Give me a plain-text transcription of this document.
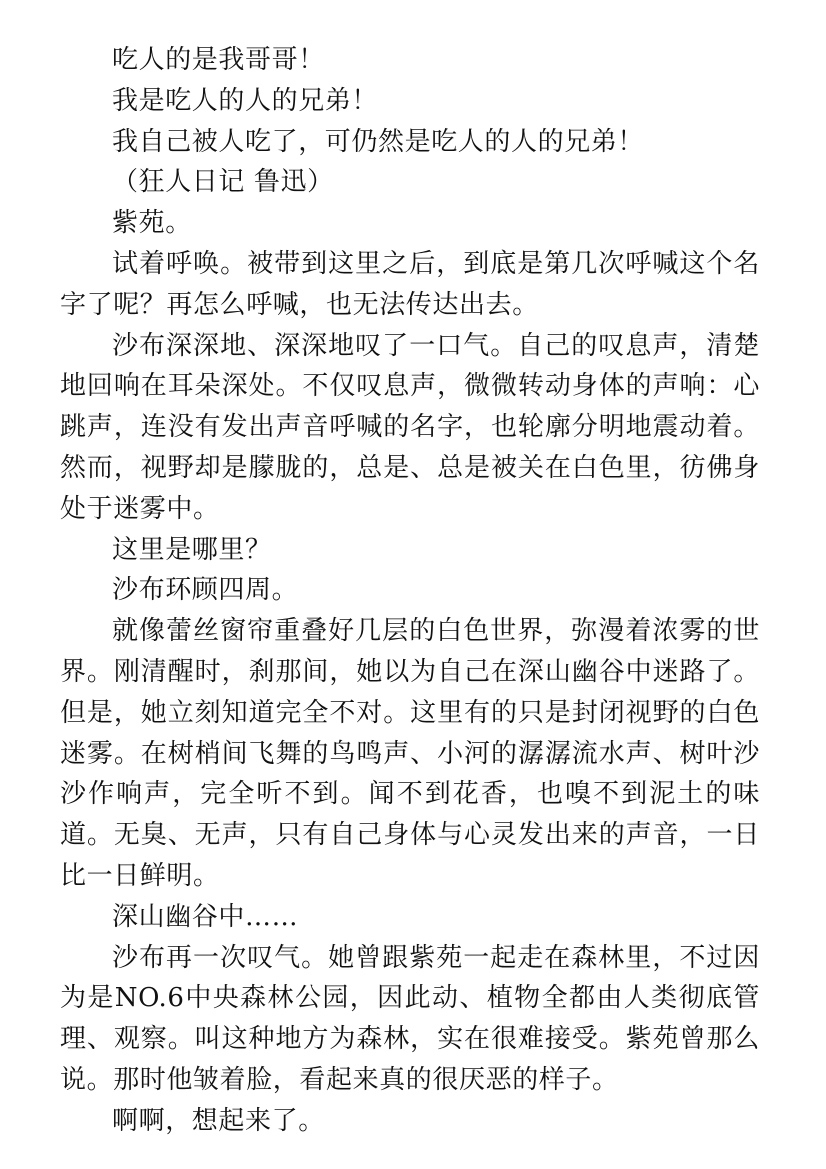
吃人的是我哥哥！

我是吃人的人的兄弟！

我自己被人吃了，可仍然是吃人的人的兄弟！

（狂人日记 鲁迅）

紫苑。

试着呼唤。被带到这里之后，到底是第几次呼喊这个名字了呢？再怎么呼喊，也无法传达出去。

沙布深深地、深深地叹了一口气。自己的叹息声，清楚地回响在耳朵深处。不仅叹息声，微微转动身体的声响：心跳声，连没有发出声音呼喊的名字，也轮廓分明地震动着。然而，视野却是朦胧的，总是、总是被关在白色里，彷佛身处于迷雾中。

这里是哪里？

沙布环顾四周。

就像蕾丝窗帘重叠好几层的白色世界，弥漫着浓雾的世界。刚清醒时，刹那间，她以为自己在深山幽谷中迷路了。但是，她立刻知道完全不对。这里有的只是封闭视野的白色迷雾。在树梢间飞舞的鸟鸣声、小河的潺潺流水声、树叶沙沙作响声，完全听不到。闻不到花香，也嗅不到泥土的味道。无臭、无声，只有自己身体与心灵发出来的声音，一日比一日鲜明。

深山幽谷中……

沙布再一次叹气。她曾跟紫苑一起走在森林里，不过因为是NO.6中央森林公园，因此动、植物全都由人类彻底管理、观察。叫这种地方为森林，实在很难接受。紫苑曾那么说。那时他皱着脸，看起来真的很厌恶的样子。

啊啊，想起来了。
